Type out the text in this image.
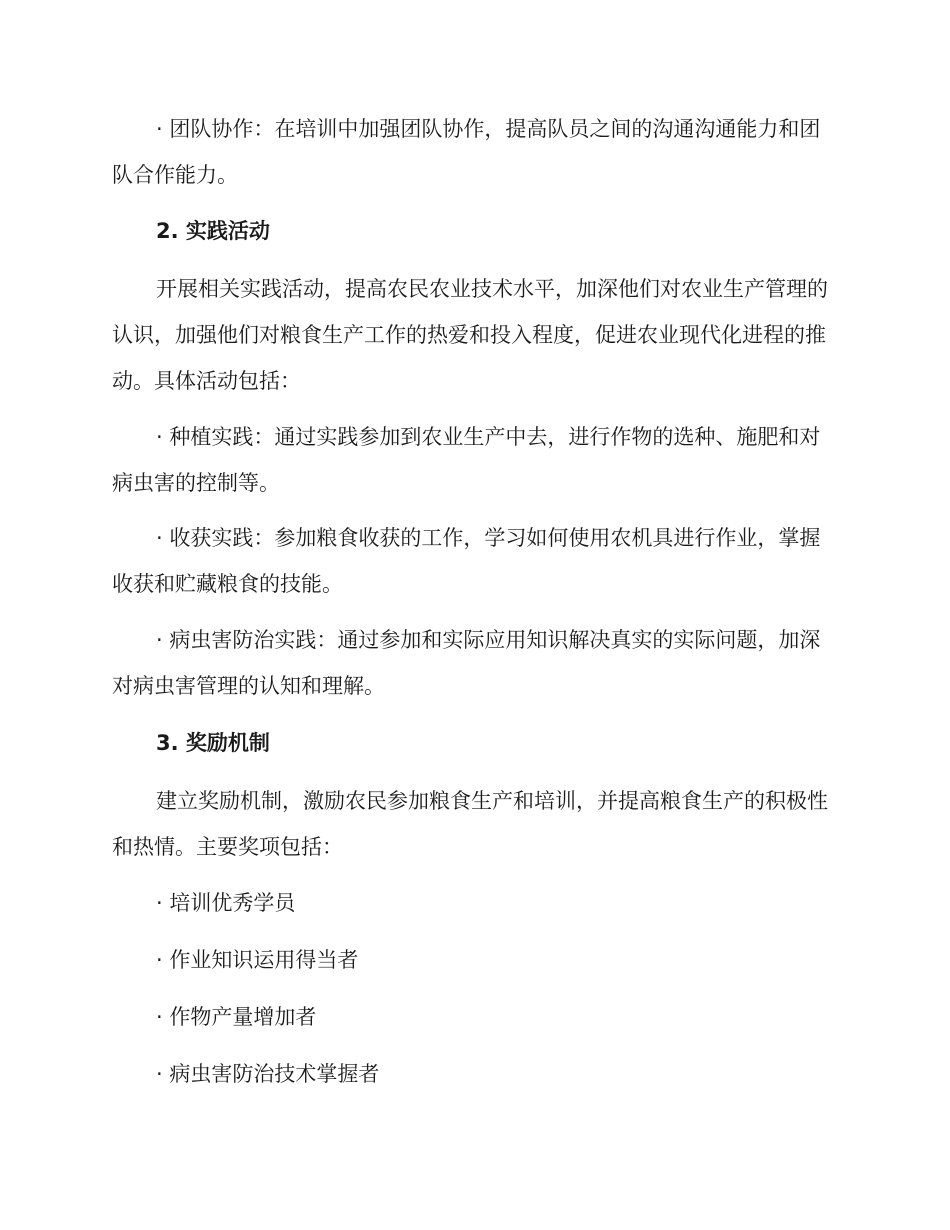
· 团队协作：在培训中加强团队协作，提高队员之间的沟通沟通能力和团队合作能力。

2. 实践活动

开展相关实践活动，提高农民农业技术水平，加深他们对农业生产管理的认识，加强他们对粮食生产工作的热爱和投入程度，促进农业现代化进程的推动。具体活动包括：

· 种植实践：通过实践参加到农业生产中去，进行作物的选种、施肥和对病虫害的控制等。

· 收获实践：参加粮食收获的工作，学习如何使用农机具进行作业，掌握收获和贮藏粮食的技能。

· 病虫害防治实践：通过参加和实际应用知识解决真实的实际问题，加深对病虫害管理的认知和理解。

3. 奖励机制

建立奖励机制，激励农民参加粮食生产和培训，并提高粮食生产的积极性和热情。主要奖项包括：

· 培训优秀学员

· 作业知识运用得当者

· 作物产量增加者

· 病虫害防治技术掌握者
